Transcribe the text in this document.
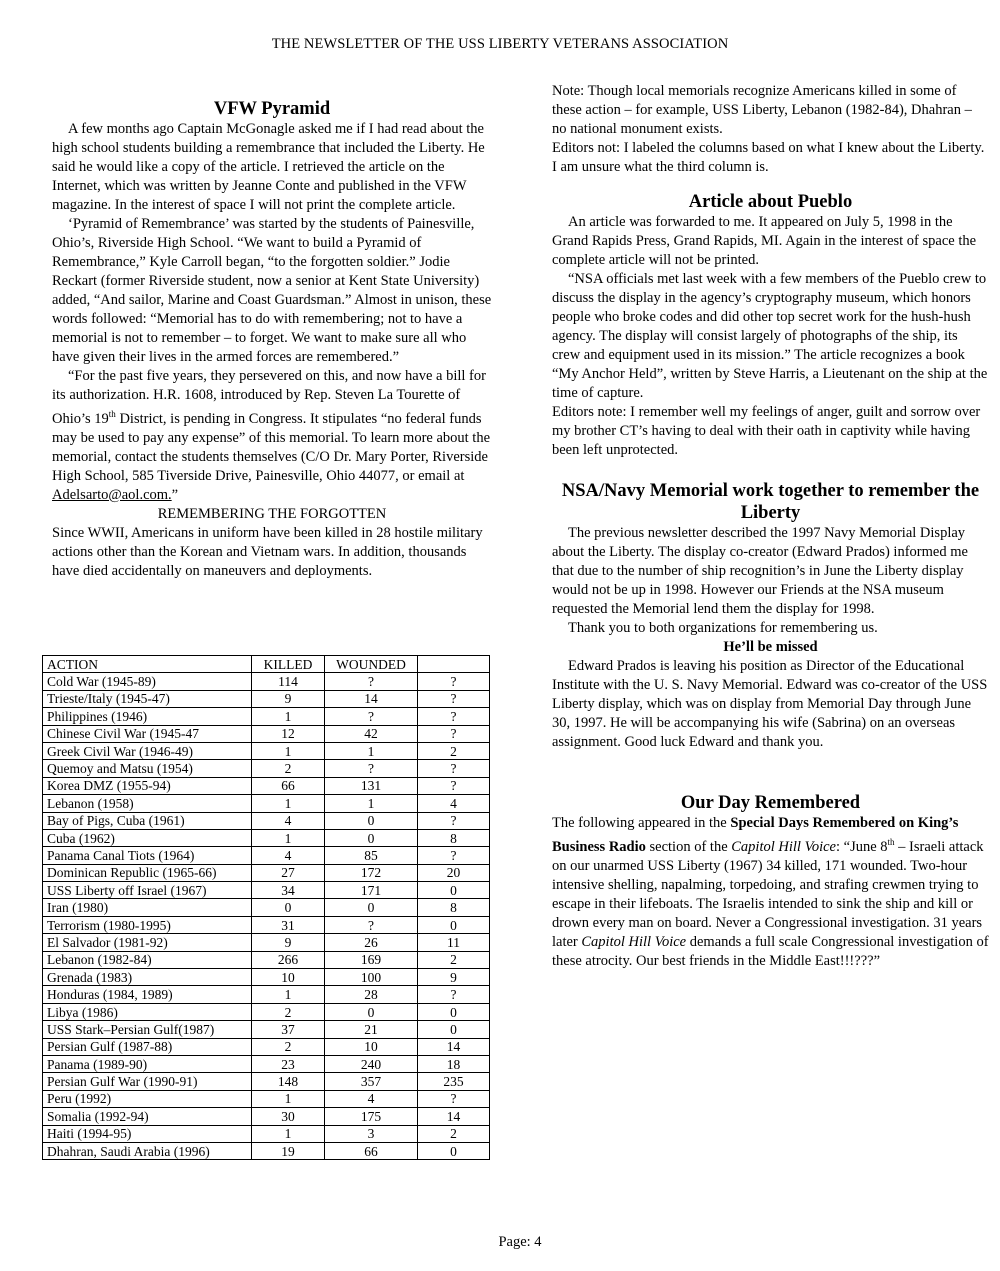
THE NEWSLETTER OF THE USS LIBERTY VETERANS ASSOCIATION
VFW Pyramid

A few months ago Captain McGonagle asked me if I had read about the high school students building a remembrance that included the Liberty. He said he would like a copy of the article. I retrieved the article on the Internet, which was written by Jeanne Conte and published in the VFW magazine. In the interest of space I will not print the complete article.

‘Pyramid of Remembrance’ was started by the students of Painesville, Ohio’s, Riverside High School. “We want to build a Pyramid of Remembrance,” Kyle Carroll began, “to the forgotten soldier.” Jodie Reckart (former Riverside student, now a senior at Kent State University) added, “And sailor, Marine and Coast Guardsman.” Almost in unison, these words followed: “Memorial has to do with remembering; not to have a memorial is not to remember – to forget. We want to make sure all who have given their lives in the armed forces are remembered.”

“For the past five years, they persevered on this, and now have a bill for its authorization. H.R. 1608, introduced by Rep. Steven La Tourette of Ohio’s 19th District, is pending in Congress. It stipulates “no federal funds may be used to pay any expense” of this memorial. To learn more about the memorial, contact the students themselves (C/O Dr. Mary Porter, Riverside High School, 585 Tiverside Drive, Painesville, Ohio 44077, or email at Adelsarto@aol.com.”

REMEMBERING THE FORGOTTEN

Since WWII, Americans in uniform have been killed in 28 hostile military actions other than the Korean and Vietnam wars. In addition, thousands have died accidentally on maneuvers and deployments.

ACTION	KILLED	WOUNDED	
Cold War (1945-89)	114	?	?
Trieste/Italy (1945-47)	9	14	?
Philippines (1946)	1	?	?
Chinese Civil War (1945-47	12	42	?
Greek Civil War (1946-49)	1	1	2
Quemoy and Matsu (1954)	2	?	?
Korea DMZ (1955-94)	66	131	?
Lebanon (1958)	1	1	4
Bay of Pigs, Cuba (1961)	4	0	?
Cuba (1962)	1	0	8
Panama Canal Tiots (1964)	4	85	?
Dominican Republic (1965-66)	27	172	20
USS Liberty off Israel (1967)	34	171	0
Iran (1980)	0	0	8
Terrorism (1980-1995)	31	?	0
El Salvador (1981-92)	9	26	11
Lebanon (1982-84)	266	169	2
Grenada (1983)	10	100	9
Honduras (1984, 1989)	1	28	?
Libya (1986)	2	0	0
USS Stark–Persian Gulf(1987)	37	21	0
Persian Gulf (1987-88)	2	10	14
Panama (1989-90)	23	240	18
Persian Gulf War (1990-91)	148	357	235
Peru (1992)	1	4	?
Somalia (1992-94)	30	175	14
Haiti (1994-95)	1	3	2
Dhahran, Saudi Arabia (1996)	19	66	0

Note: Though local memorials recognize Americans killed in some of these action – for example, USS Liberty, Lebanon (1982-84), Dhahran – no national monument exists.

Editors not: I labeled the columns based on what I knew about the Liberty. I am unsure what the third column is.

Article about Pueblo

An article was forwarded to me. It appeared on July 5, 1998 in the Grand Rapids Press, Grand Rapids, MI. Again in the interest of space the complete article will not be printed.

“NSA officials met last week with a few members of the Pueblo crew to discuss the display in the agency’s cryptography museum, which honors people who broke codes and did other top secret work for the hush-hush agency. The display will consist largely of photographs of the ship, its crew and equipment used in its mission.” The article recognizes a book “My Anchor Held”, written by Steve Harris, a Lieutenant on the ship at the time of capture.

Editors note: I remember well my feelings of anger, guilt and sorrow over my brother CT’s having to deal with their oath in captivity while having been left unprotected.

NSA/Navy Memorial work together to remember the Liberty

The previous newsletter described the 1997 Navy Memorial Display about the Liberty. The display co-creator (Edward Prados) informed me that due to the number of ship recognition’s in June the Liberty display would not be up in 1998. However our Friends at the NSA museum requested the Memorial lend them the display for 1998.

Thank you to both organizations for remembering us.

He’ll be missed

Edward Prados is leaving his position as Director of the Educational Institute with the U. S. Navy Memorial. Edward was co-creator of the USS Liberty display, which was on display from Memorial Day through June 30, 1997. He will be accompanying his wife (Sabrina) on an overseas assignment. Good luck Edward and thank you.

Our Day Remembered

The following appeared in the Special Days Remembered on King’s Business Radio section of the Capitol Hill Voice: “June 8th – Israeli attack on our unarmed USS Liberty (1967) 34 killed, 171 wounded. Two-hour intensive shelling, napalming, torpedoing, and strafing crewmen trying to escape in their lifeboats. The Israelis intended to sink the ship and kill or drown every man on board. Never a Congressional investigation. 31 years later Capitol Hill Voice demands a full scale Congressional investigation of these atrocity. Our best friends in the Middle East!!!???”

Page: 4
